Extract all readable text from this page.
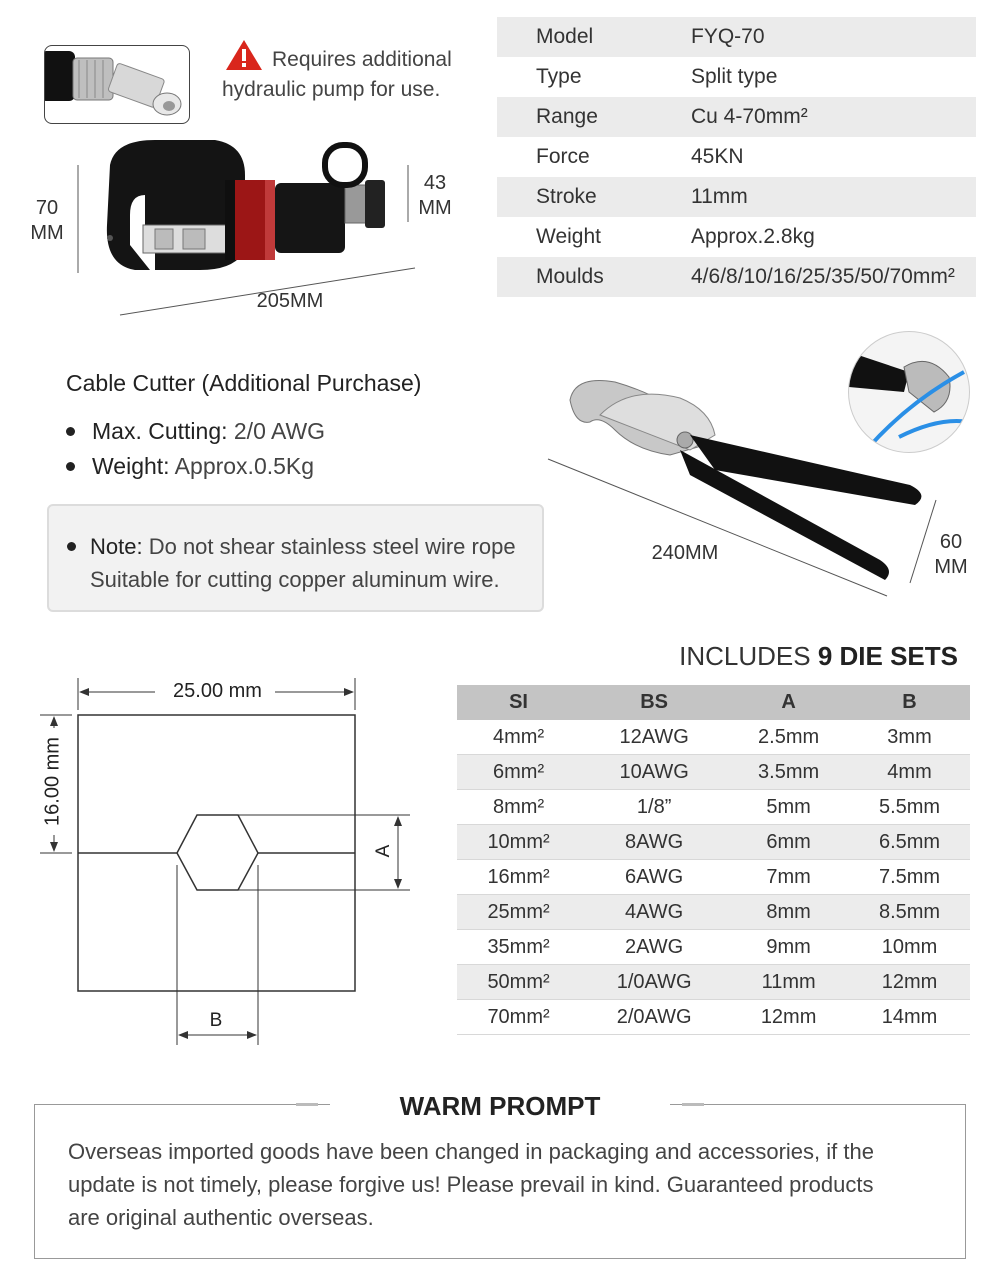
Requires additional
hydraulic pump for use.
70
MM
43
MM
205MM
Model	FYQ-70
Type	Split type
Range	Cu 4-70mm²
Force	45KN
Stroke	11mm
Weight	Approx.2.8kg
Moulds	4/6/8/10/16/25/35/50/70mm²
Cable Cutter (Additional Purchase)
Max. Cutting: 2/0 AWG
Weight: Approx.0.5Kg
Note: Do not shear stainless steel wire rope
Suitable for cutting copper aluminum wire.
240MM	60
MM
25.00 mm
16.00 mm
A
B
INCLUDES 9 DIE SETS
SI	BS	A	B
4mm²	12AWG	2.5mm	3mm
6mm²	10AWG	3.5mm	4mm
8mm²	1/8”	5mm	5.5mm
10mm²	8AWG	6mm	6.5mm
16mm²	6AWG	7mm	7.5mm
25mm²	4AWG	8mm	8.5mm
35mm²	2AWG	9mm	10mm
50mm²	1/0AWG	11mm	12mm
70mm²	2/0AWG	12mm	14mm
WARM PROMPT
Overseas imported goods have been changed in packaging and accessories, if the
update is not timely, please forgive us! Please prevail in kind. Guaranteed products
are original authentic overseas.
